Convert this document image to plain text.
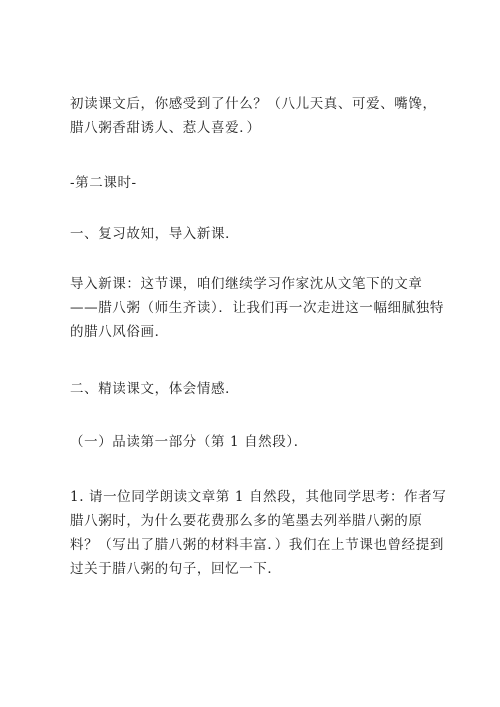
初读课文后，你感受到了什么？（八儿天真、可爱、嘴馋，腊八粥香甜诱人、惹人喜爱．）

-第二课时-

一、复习故知，导入新课．

导入新课：这节课，咱们继续学习作家沈从文笔下的文章——腊八粥（师生齐读）．让我们再一次走进这一幅细腻独特的腊八风俗画．

二、精读课文，体会情感．

（一）品读第一部分（第 1 自然段）．

1. 请一位同学朗读文章第 1 自然段，其他同学思考：作者写腊八粥时，为什么要花费那么多的笔墨去列举腊八粥的原料？（写出了腊八粥的材料丰富．）我们在上节课也曾经提到过关于腊八粥的句子，回忆一下．
